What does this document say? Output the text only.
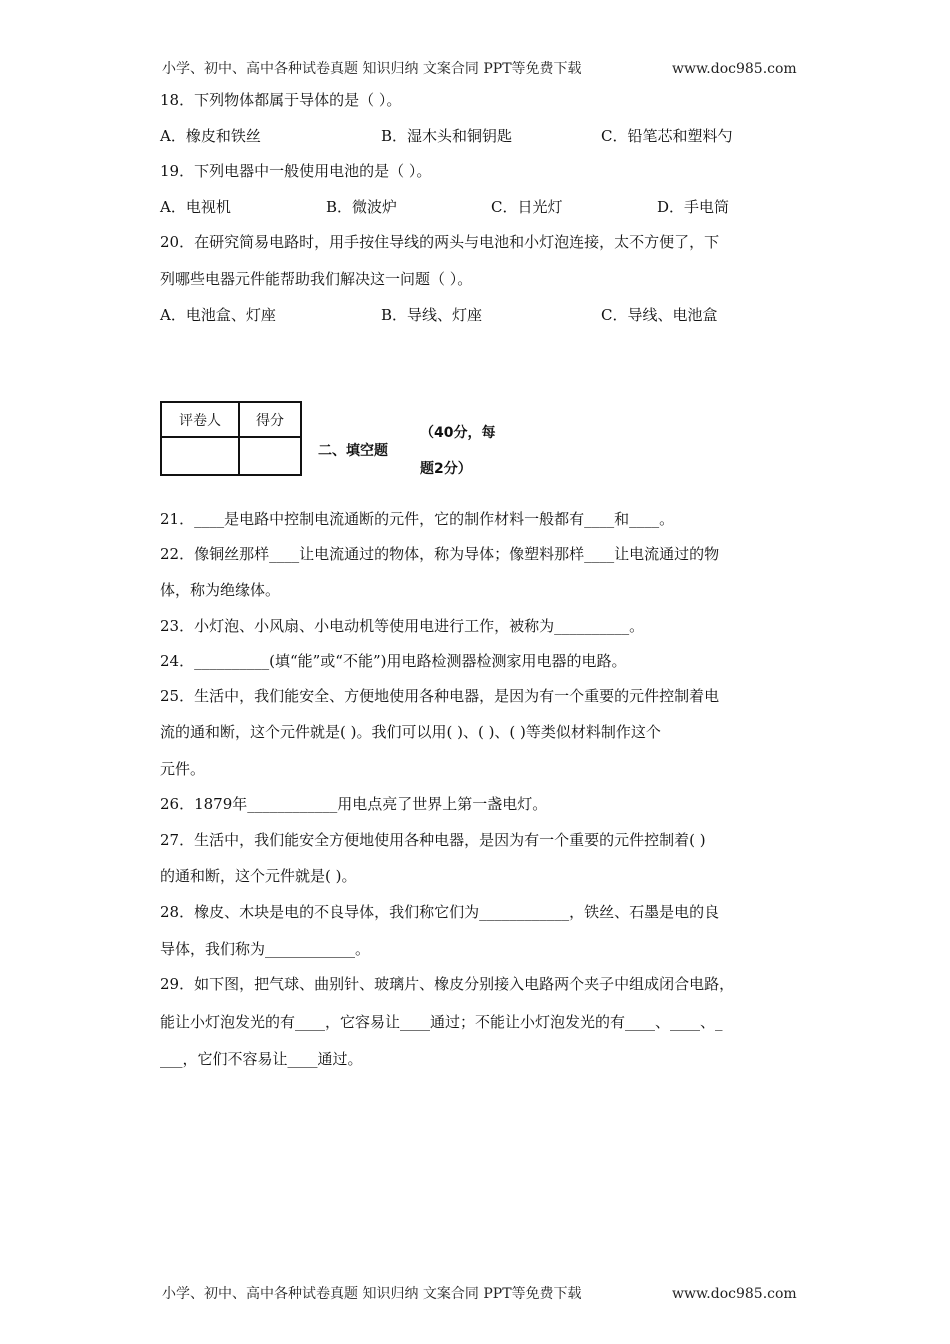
小学、初中、高中各种试卷真题 知识归纳 文案合同 PPT等免费下载	www.doc985.com
18．下列物体都属于导体的是（ ）。
A．橡皮和铁丝	B．湿木头和铜钥匙	C．铅笔芯和塑料勺
19．下列电器中一般使用电池的是（ ）。
A．电视机	B．微波炉	C．日光灯	D．手电筒
20．在研究简易电路时，用手按住导线的两头与电池和小灯泡连接，太不方便了，下
列哪些电器元件能帮助我们解决这一问题（ ）。
A．电池盒、灯座	B．导线、灯座	C．导线、电池盒
评卷人	得分

二、填空题
（40分，每
题2分）
21．____是电路中控制电流通断的元件，它的制作材料一般都有____和____。
22．像铜丝那样____让电流通过的物体，称为导体；像塑料那样____让电流通过的物
体，称为绝缘体。
23．小灯泡、小风扇、小电动机等使用电进行工作，被称为__________。
24．__________(填“能”或“不能”)用电路检测器检测家用电器的电路。
25．生活中，我们能安全、方便地使用各种电器，是因为有一个重要的元件控制着电
流的通和断，这个元件就是( )。我们可以用( )、( )、( )等类似材料制作这个
元件。
26．1879年____________用电点亮了世界上第一盏电灯。
27．生活中，我们能安全方便地使用各种电器，是因为有一个重要的元件控制着( )
的通和断，这个元件就是( )。
28．橡皮、木块是电的不良导体，我们称它们为____________，铁丝、石墨是电的良
导体，我们称为____________。
29．如下图，把气球、曲别针、玻璃片、橡皮分别接入电路两个夹子中组成闭合电路，
能让小灯泡发光的有____，它容易让____通过；不能让小灯泡发光的有____、____、_
___，它们不容易让____通过。
小学、初中、高中各种试卷真题 知识归纳 文案合同 PPT等免费下载	www.doc985.com
